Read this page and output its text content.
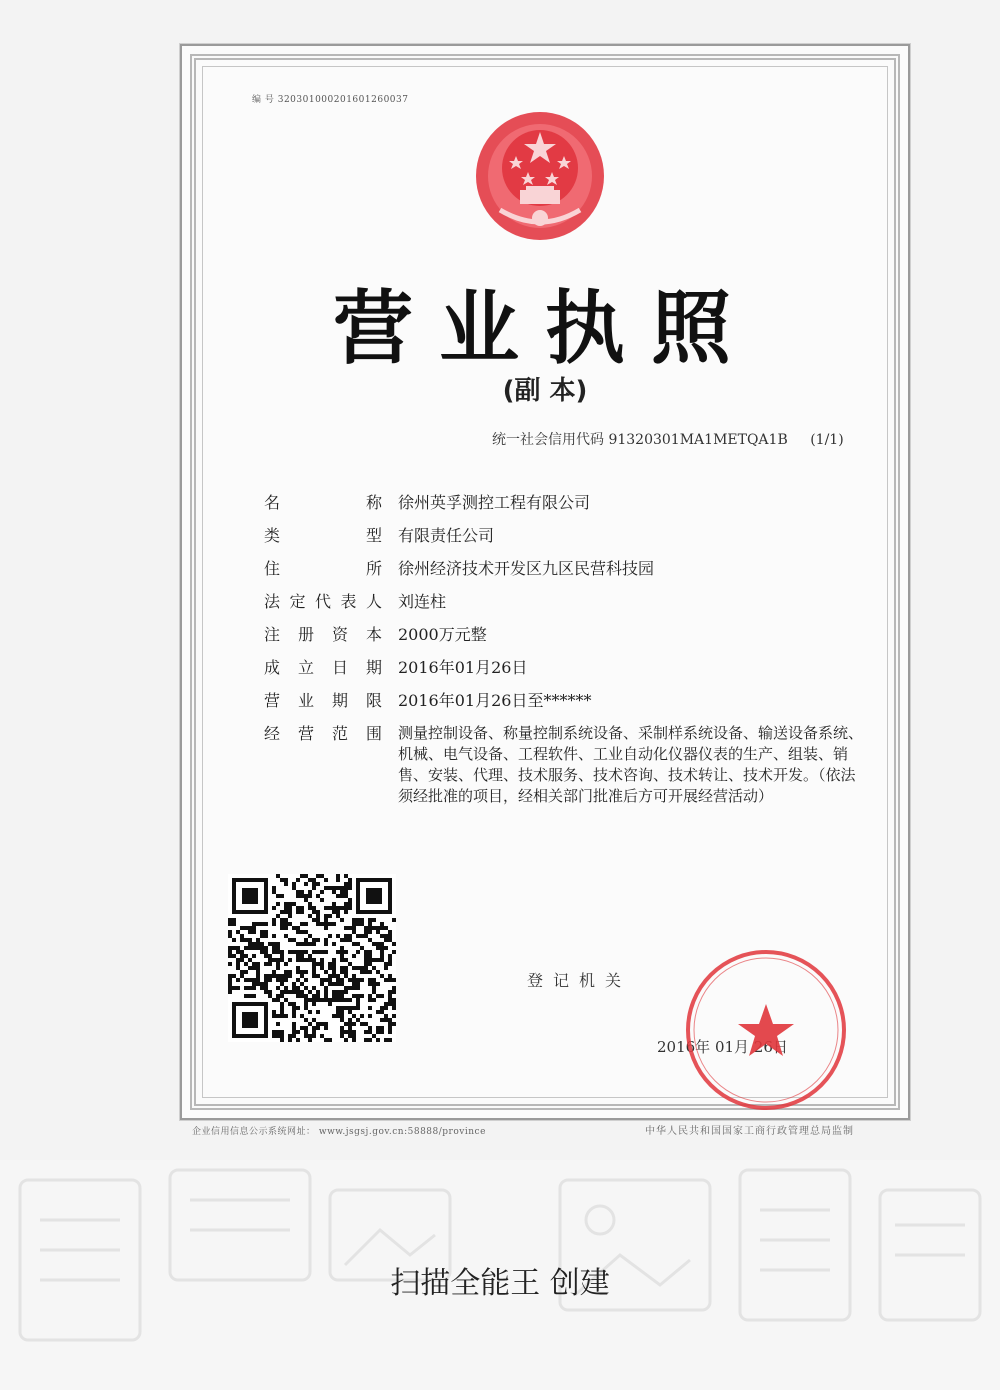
编 号 320301000201601260037
营业执照
(副 本)
统一社会信用代码 91320301MA1METQA1B (1/1)
名称 徐州英孚测控工程有限公司
类型 有限责任公司
住所 徐州经济技术开发区九区民营科技园
法定代表人 刘连柱
注册资本 2000万元整
成立日期 2016年01月26日
营业期限 2016年01月26日至******
经营范围 测量控制设备、称量控制系统设备、采制样系统设备、输送设备系统、机械、电气设备、工程软件、工业自动化仪器仪表的生产、组装、销售、安装、代理、技术服务、技术咨询、技术转让、技术开发。（依法须经批准的项目，经相关部门批准后方可开展经营活动）
登记机关
2016年 01月 26日
企业信用信息公示系统网址： www.jsgsj.gov.cn:58888/province	中华人民共和国国家工商行政管理总局监制
扫描全能王 创建
